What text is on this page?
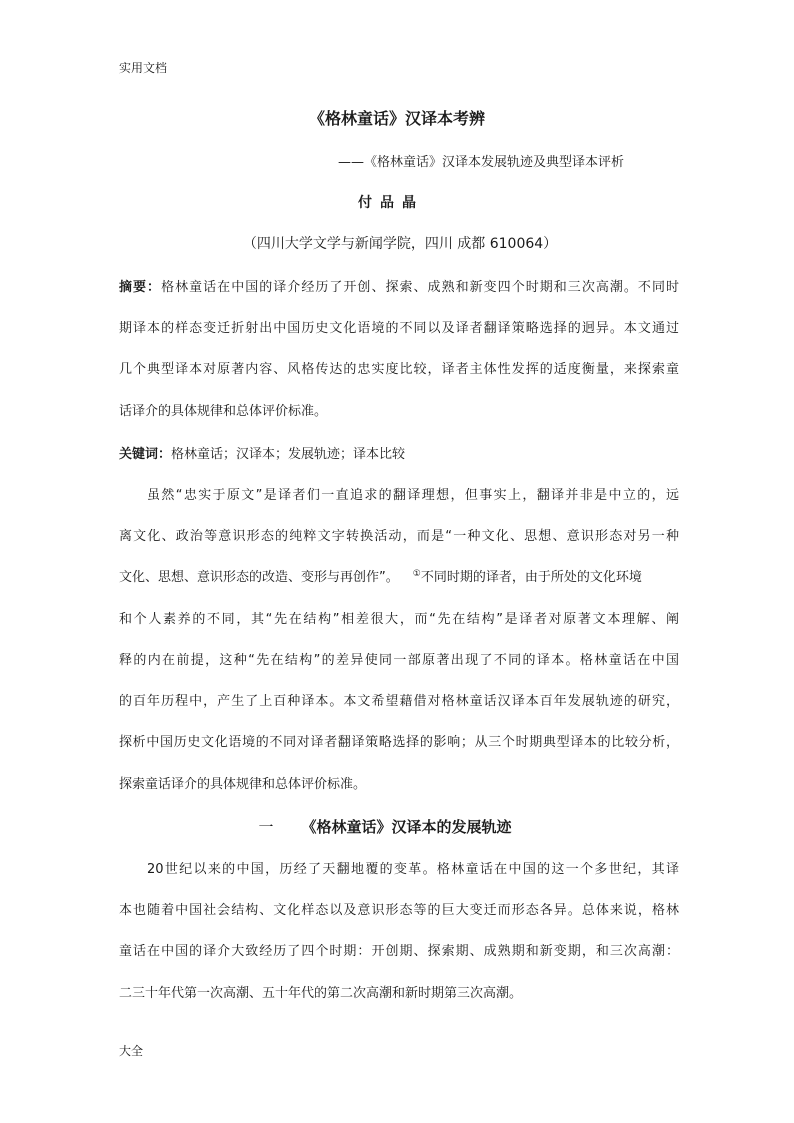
实用文档
《格林童话》汉译本考辨
——《格林童话》汉译本发展轨迹及典型译本评析
付品晶
（四川大学文学与新闻学院，四川 成都 610064）
摘要：格林童话在中国的译介经历了开创、探索、成熟和新变四个时期和三次高潮。不同时
期译本的样态变迁折射出中国历史文化语境的不同以及译者翻译策略选择的迥异。本文通过
几个典型译本对原著内容、风格传达的忠实度比较，译者主体性发挥的适度衡量，来探索童
话译介的具体规律和总体评价标准。
关键词：格林童话；汉译本；发展轨迹；译本比较
虽然“忠实于原文”是译者们一直追求的翻译理想，但事实上，翻译并非是中立的，远
离文化、政治等意识形态的纯粹文字转换活动，而是“一种文化、思想、意识形态对另一种
文化、思想、意识形态的改造、变形与再创作”。 ①不同时期的译者，由于所处的文化环境
和个人素养的不同，其“先在结构”相差很大，而“先在结构”是译者对原著文本理解、阐
释的内在前提，这种“先在结构”的差异使同一部原著出现了不同的译本。格林童话在中国
的百年历程中，产生了上百种译本。本文希望藉借对格林童话汉译本百年发展轨迹的研究，
探析中国历史文化语境的不同对译者翻译策略选择的影响；从三个时期典型译本的比较分析，
探索童话译介的具体规律和总体评价标准。
一 《格林童话》汉译本的发展轨迹
20世纪以来的中国，历经了天翻地覆的变革。格林童话在中国的这一个多世纪，其译
本也随着中国社会结构、文化样态以及意识形态等的巨大变迁而形态各异。总体来说，格林
童话在中国的译介大致经历了四个时期：开创期、探索期、成熟期和新变期，和三次高潮：
二三十年代第一次高潮、五十年代的第二次高潮和新时期第三次高潮。
大全
